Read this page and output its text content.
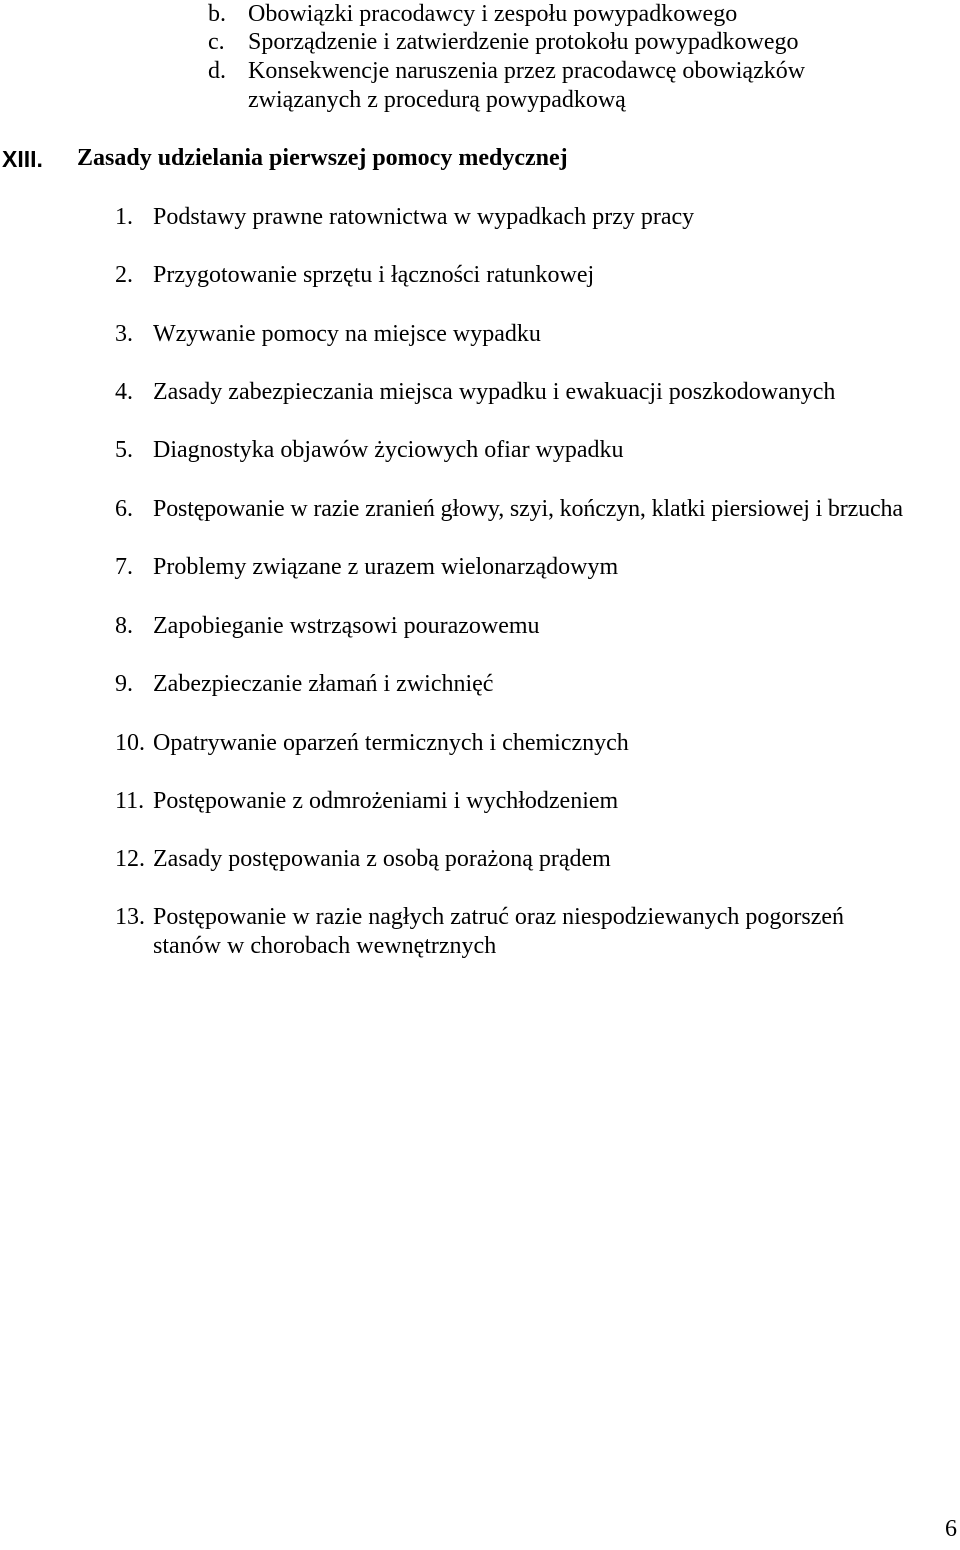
b. Obowiązki pracodawcy i zespołu powypadkowego
c. Sporządzenie i zatwierdzenie protokołu powypadkowego
d. Konsekwencje naruszenia przez pracodawcę obowiązków
związanych z procedurą powypadkową
XIII. Zasady udzielania pierwszej pomocy medycznej
1. Podstawy prawne ratownictwa w wypadkach przy pracy
2. Przygotowanie sprzętu i łączności ratunkowej
3. Wzywanie pomocy na miejsce wypadku
4. Zasady zabezpieczania miejsca wypadku i ewakuacji poszkodowanych
5. Diagnostyka objawów życiowych ofiar wypadku
6. Postępowanie w razie zranień głowy, szyi, kończyn, klatki piersiowej i brzucha
7. Problemy związane z urazem wielonarządowym
8. Zapobieganie wstrząsowi pourazowemu
9. Zabezpieczanie złamań i zwichnięć
10. Opatrywanie oparzeń termicznych i chemicznych
11. Postępowanie z odmrożeniami i wychłodzeniem
12. Zasady postępowania z osobą porażoną prądem
13. Postępowanie w razie nagłych zatruć oraz niespodziewanych pogorszeń
stanów w chorobach wewnętrznych
6
